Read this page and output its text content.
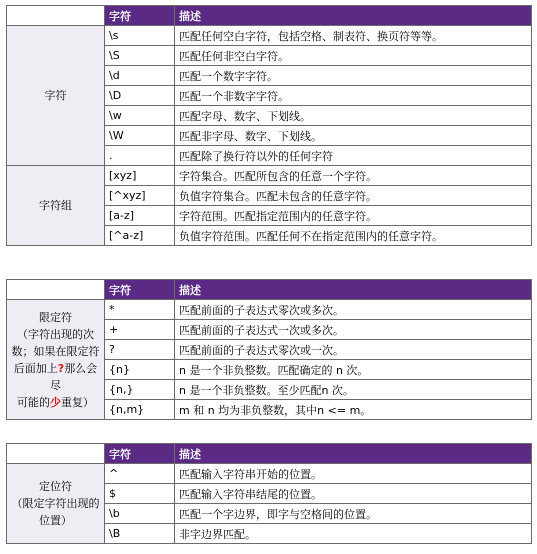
	字符	描述
字符	\s	匹配任何空白字符，包括空格、制表符、换页符等等。
	\S	匹配任何非空白字符。
	\d	匹配一个数字字符。
	\D	匹配一个非数字字符。
	\w	匹配字母、数字、下划线。
	\W	匹配非字母、数字、下划线。
	.	匹配除了换行符以外的任何字符
字符组	[xyz]	字符集合。匹配所包含的任意一个字符。
	[^xyz]	负值字符集合。匹配未包含的任意字符。
	[a-z]	字符范围。匹配指定范围内的任意字符。
	[^a-z]	负值字符范围。匹配任何不在指定范围内的任意字符。
	字符	描述
限定符
（字符出现的次
数；如果在限定符
后面加上?那么会尽
可能的少重复）	*	匹配前面的子表达式零次或多次。
	+	匹配前面的子表达式一次或多次。
	?	匹配前面的子表达式零次或一次。
	{n}	n 是一个非负整数。匹配确定的 n 次。
	{n,}	n 是一个非负整数。至少匹配n 次。
	{n,m}	m 和 n 均为非负整数，其中n <= m。
	字符	描述
定位符
（限定字符出现的
位置）	^	匹配输入字符串开始的位置。
	$	匹配输入字符串结尾的位置。
	\b	匹配一个字边界，即字与空格间的位置。
	\B	非字边界匹配。
